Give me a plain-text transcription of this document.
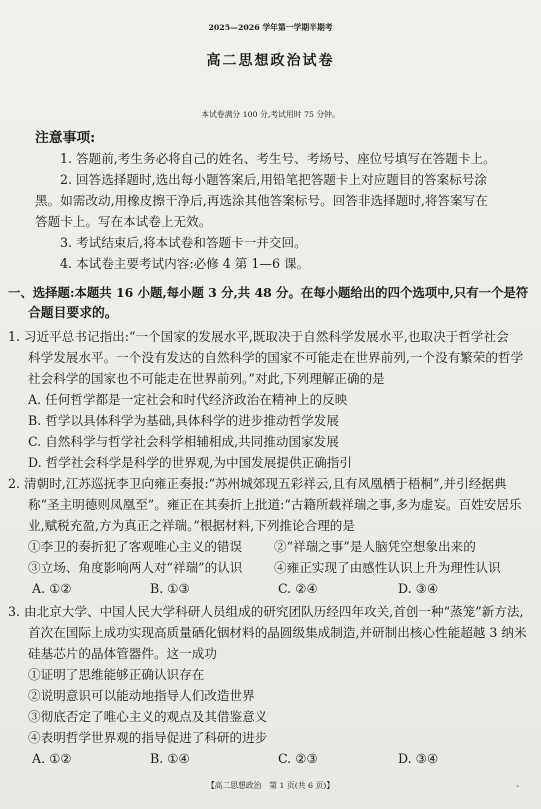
2025—2026 学年第一学期半期考
高二思想政治试卷
本试卷满分 100 分,考试用时 75 分钟。
注意事项:
1. 答题前,考生务必将自己的姓名、考生号、考场号、座位号填写在答题卡上。
2. 回答选择题时,选出每小题答案后,用铅笔把答题卡上对应题目的答案标号涂
黑。如需改动,用橡皮擦干净后,再选涂其他答案标号。回答非选择题时,将答案写在
答题卡上。写在本试卷上无效。
3. 考试结束后,将本试卷和答题卡一并交回。
4. 本试卷主要考试内容:必修 4 第 1—6 课。
一、选择题:本题共 16 小题,每小题 3 分,共 48 分。在每小题给出的四个选项中,只有一个是符
合题目要求的。
1. 习近平总书记指出:“一个国家的发展水平,既取决于自然科学发展水平,也取决于哲学社会
科学发展水平。一个没有发达的自然科学的国家不可能走在世界前列,一个没有繁荣的哲学
社会科学的国家也不可能走在世界前列。”对此,下列理解正确的是
A. 任何哲学都是一定社会和时代经济政治在精神上的反映
B. 哲学以具体科学为基础,具体科学的进步推动哲学发展
C. 自然科学与哲学社会科学相辅相成,共同推动国家发展
D. 哲学社会科学是科学的世界观,为中国发展提供正确指引
2. 清朝时,江苏巡抚李卫向雍正奏报:“苏州城郊现五彩祥云,且有凤凰栖于梧桐”,并引经据典
称“圣主明德则凤凰至”。雍正在其奏折上批道:“古籍所载祥瑞之事,多为虚妄。百姓安居乐
业,赋税充盈,方为真正之祥瑞。”根据材料,下列推论合理的是
①李卫的奏折犯了客观唯心主义的错误	②“祥瑞之事”是人脑凭空想象出来的
③立场、角度影响两人对“祥瑞”的认识	④雍正实现了由感性认识上升为理性认识
A. ①②	B. ①③	C. ②④	D. ③④
3. 由北京大学、中国人民大学科研人员组成的研究团队历经四年攻关,首创一种“蒸笼”新方法,
首次在国际上成功实现高质量硒化铟材料的晶圆级集成制造,并研制出核心性能超越 3 纳米
硅基芯片的晶体管器件。这一成功
①证明了思维能够正确认识存在
②说明意识可以能动地指导人们改造世界
③彻底否定了唯心主义的观点及其借鉴意义
④表明哲学世界观的指导促进了科研的进步
A. ①②	B. ①④	C. ②③	D. ③④
【高二思想政治　第 1 页(共 6 页)】	-
